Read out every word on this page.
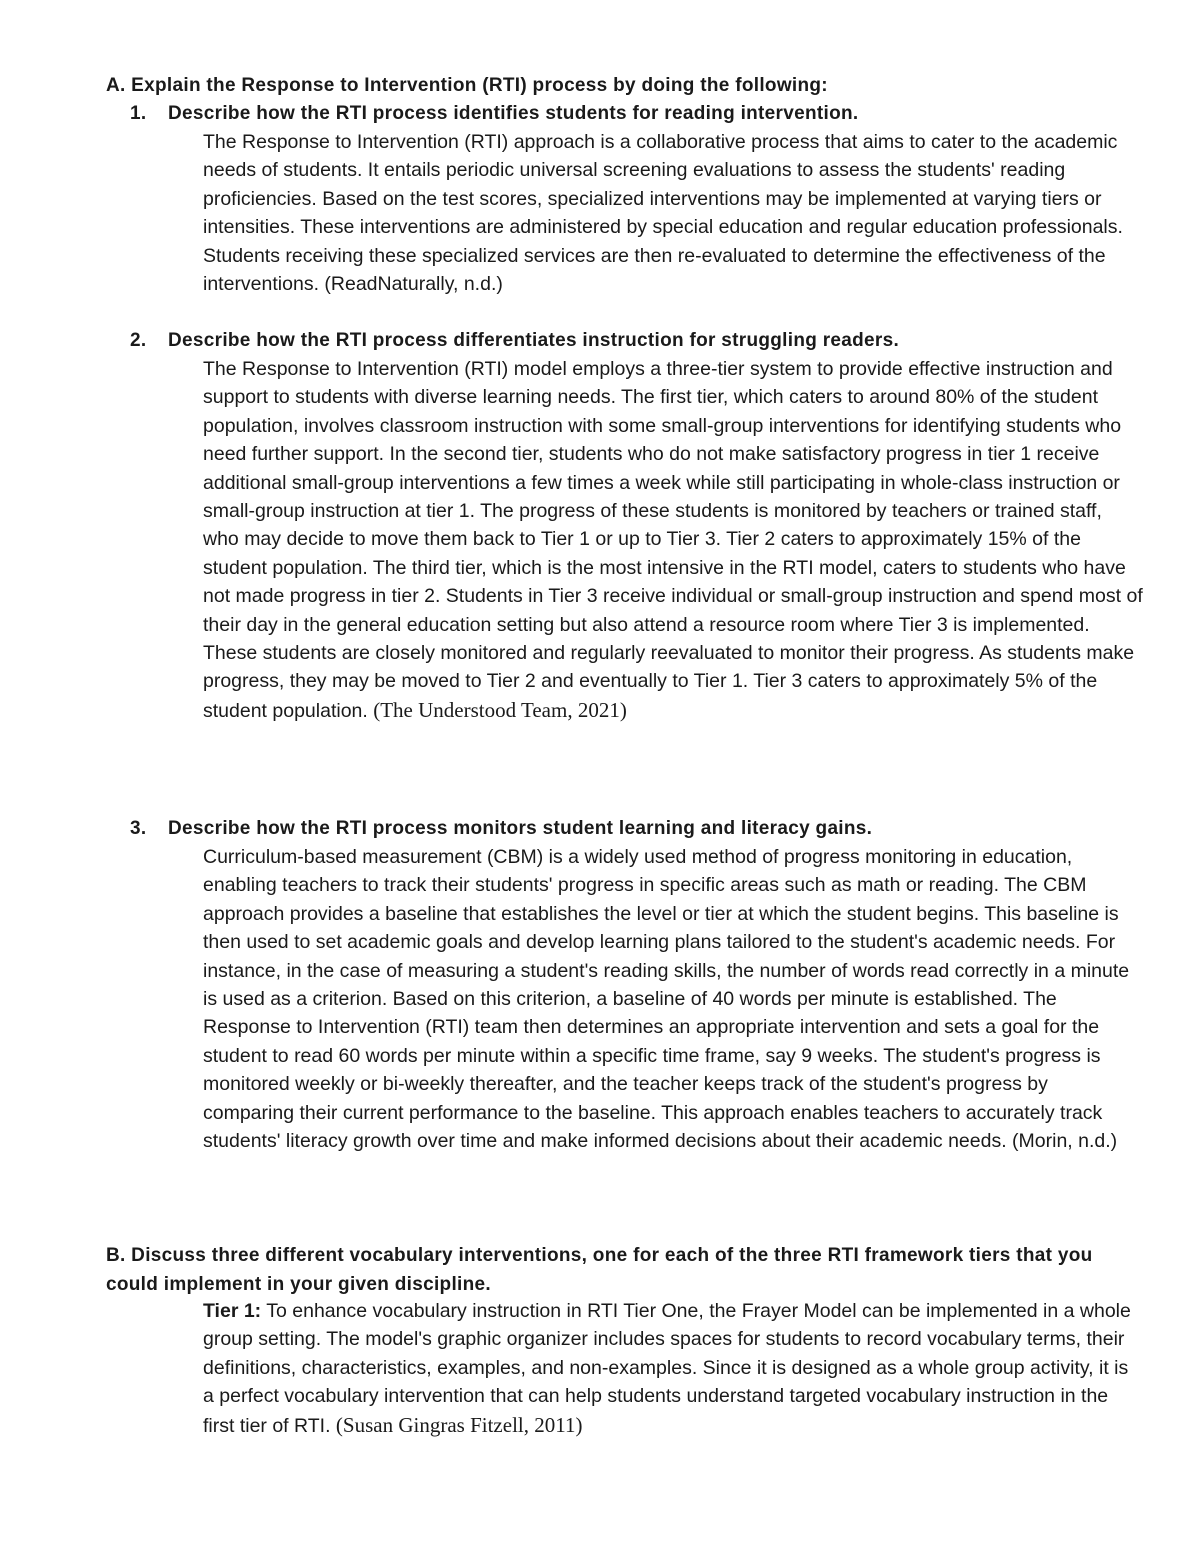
A. Explain the Response to Intervention (RTI) process by doing the following:
1. Describe how the RTI process identifies students for reading intervention.
The Response to Intervention (RTI) approach is a collaborative process that aims to cater to the academic needs of students. It entails periodic universal screening evaluations to assess the students' reading proficiencies. Based on the test scores, specialized interventions may be implemented at varying tiers or intensities. These interventions are administered by special education and regular education professionals. Students receiving these specialized services are then re-evaluated to determine the effectiveness of the interventions. (ReadNaturally, n.d.)
2. Describe how the RTI process differentiates instruction for struggling readers.
The Response to Intervention (RTI) model employs a three-tier system to provide effective instruction and support to students with diverse learning needs. The first tier, which caters to around 80% of the student population, involves classroom instruction with some small-group interventions for identifying students who need further support. In the second tier, students who do not make satisfactory progress in tier 1 receive additional small-group interventions a few times a week while still participating in whole-class instruction or small-group instruction at tier 1. The progress of these students is monitored by teachers or trained staff, who may decide to move them back to Tier 1 or up to Tier 3. Tier 2 caters to approximately 15% of the student population. The third tier, which is the most intensive in the RTI model, caters to students who have not made progress in tier 2. Students in Tier 3 receive individual or small-group instruction and spend most of their day in the general education setting but also attend a resource room where Tier 3 is implemented. These students are closely monitored and regularly reevaluated to monitor their progress. As students make progress, they may be moved to Tier 2 and eventually to Tier 1. Tier 3 caters to approximately 5% of the student population. (The Understood Team, 2021)
3. Describe how the RTI process monitors student learning and literacy gains.
Curriculum-based measurement (CBM) is a widely used method of progress monitoring in education, enabling teachers to track their students' progress in specific areas such as math or reading. The CBM approach provides a baseline that establishes the level or tier at which the student begins. This baseline is then used to set academic goals and develop learning plans tailored to the student's academic needs. For instance, in the case of measuring a student's reading skills, the number of words read correctly in a minute is used as a criterion. Based on this criterion, a baseline of 40 words per minute is established. The Response to Intervention (RTI) team then determines an appropriate intervention and sets a goal for the student to read 60 words per minute within a specific time frame, say 9 weeks. The student's progress is monitored weekly or bi-weekly thereafter, and the teacher keeps track of the student's progress by comparing their current performance to the baseline. This approach enables teachers to accurately track students' literacy growth over time and make informed decisions about their academic needs. (Morin, n.d.)
B. Discuss three different vocabulary interventions, one for each of the three RTI framework tiers that you could implement in your given discipline.
Tier 1: To enhance vocabulary instruction in RTI Tier One, the Frayer Model can be implemented in a whole group setting. The model's graphic organizer includes spaces for students to record vocabulary terms, their definitions, characteristics, examples, and non-examples. Since it is designed as a whole group activity, it is a perfect vocabulary intervention that can help students understand targeted vocabulary instruction in the first tier of RTI. (Susan Gingras Fitzell, 2011)
